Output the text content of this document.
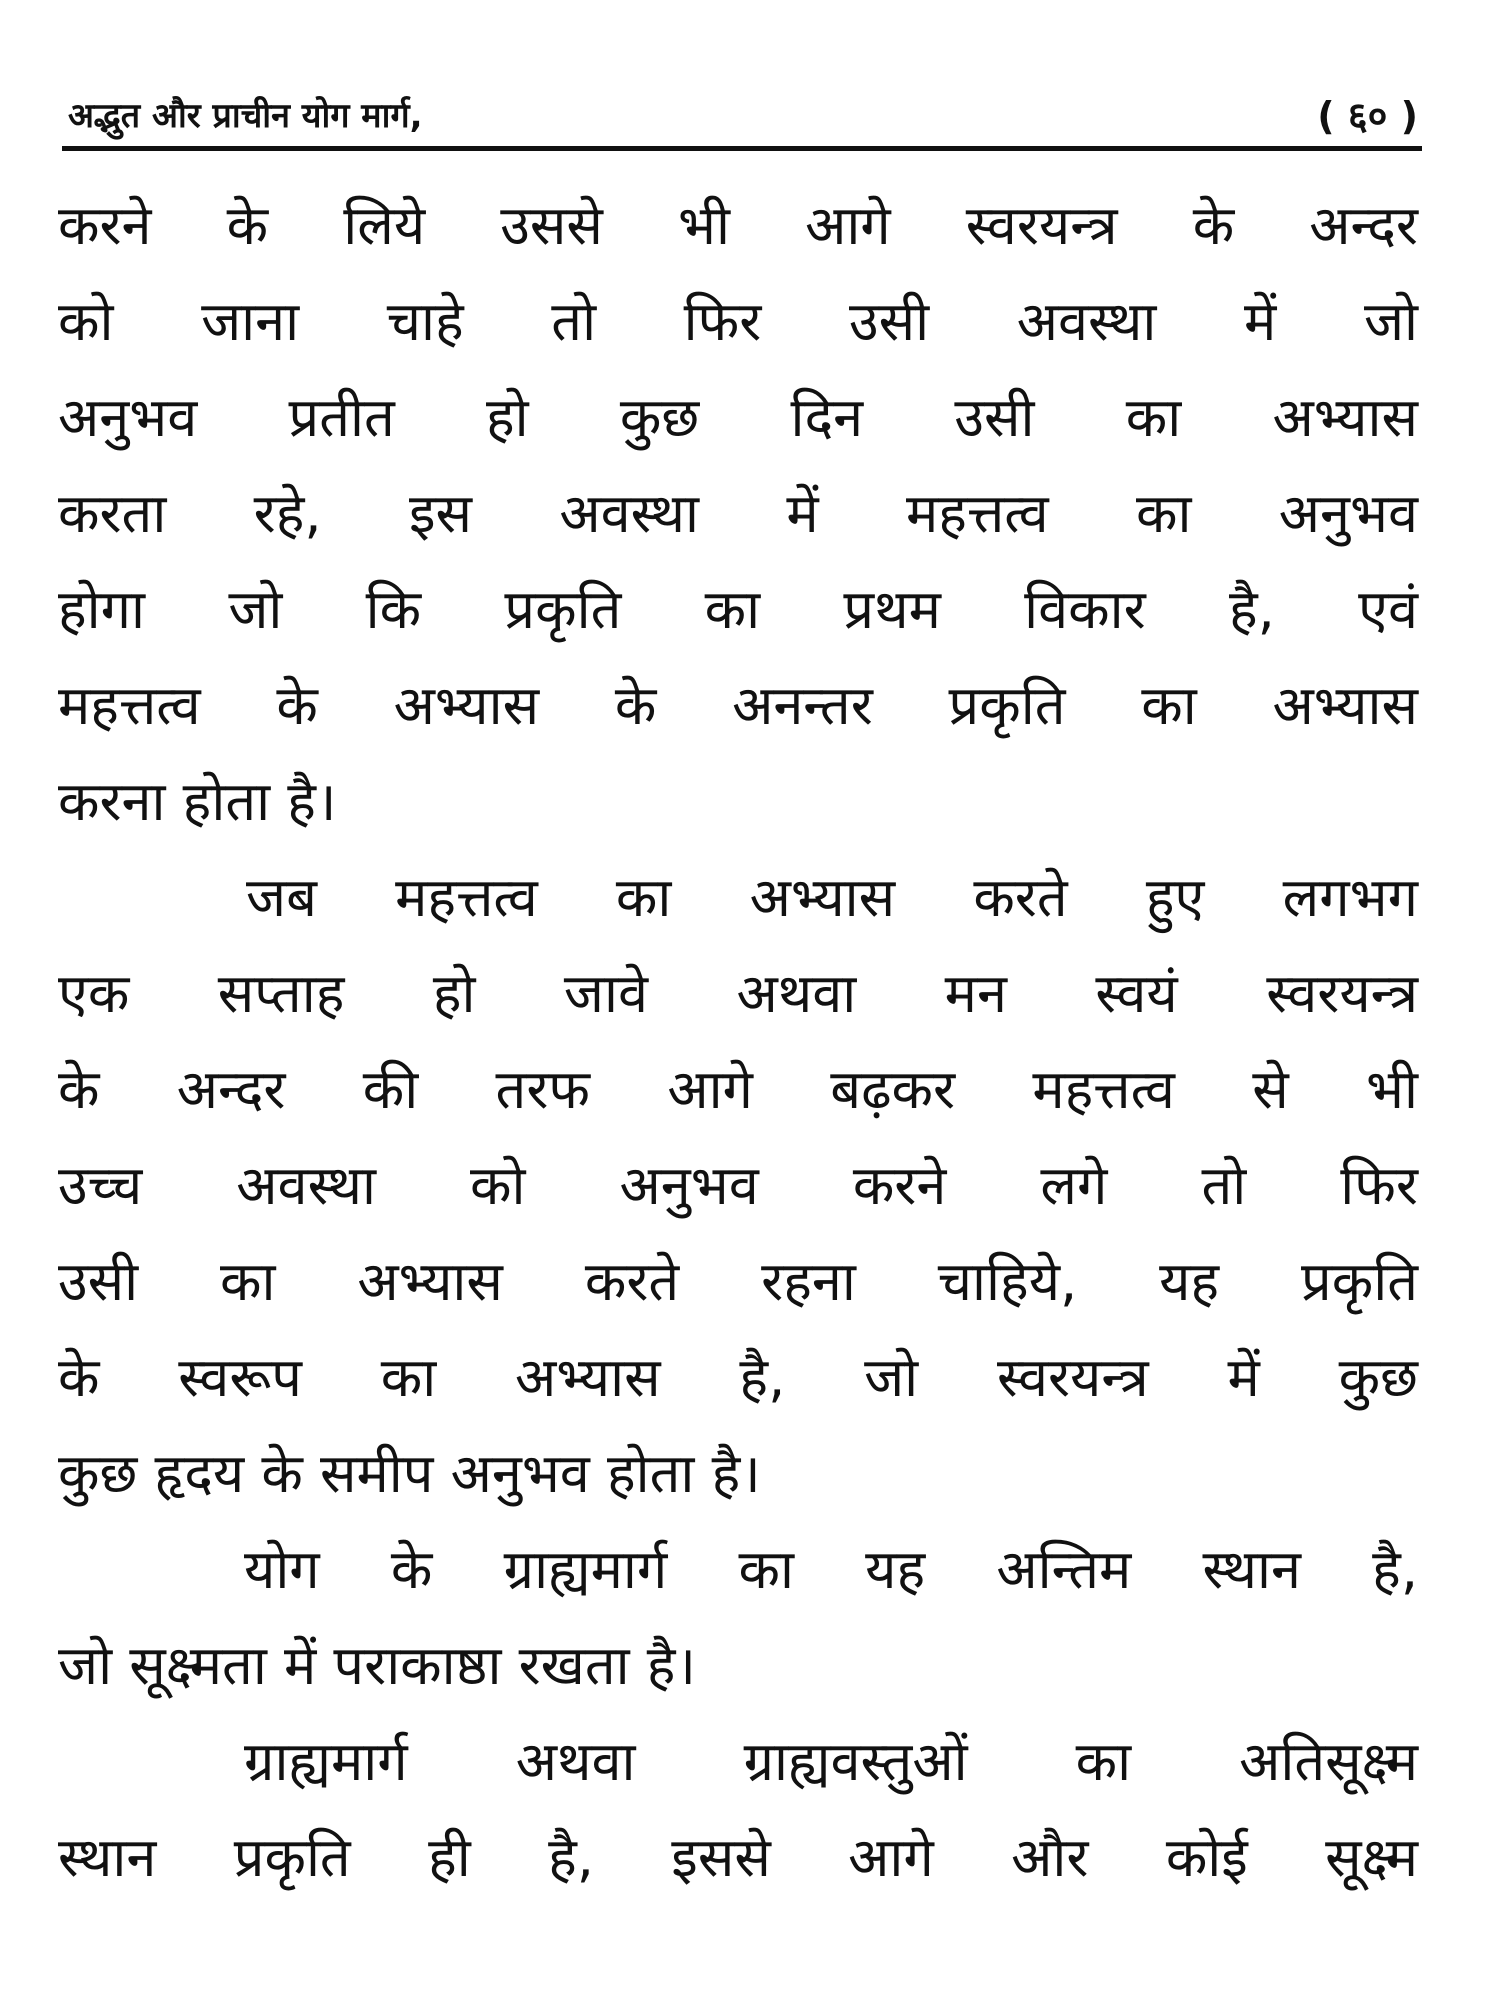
अद्भुत और प्राचीन योग मार्ग,	( ६० )
करने के लिये उससे भी आगे स्वरयन्त्र के अन्दर
को जाना चाहे तो फिर उसी अवस्था में जो
अनुभव प्रतीत हो कुछ दिन उसी का अभ्यास
करता रहे, इस अवस्था में महत्तत्व का अनुभव
होगा जो कि प्रकृति का प्रथम विकार है, एवं
महत्तत्व के अभ्यास के अनन्तर प्रकृति का अभ्यास
करना होता है।
जब महत्तत्व का अभ्यास करते हुए लगभग
एक सप्ताह हो जावे अथवा मन स्वयं स्वरयन्त्र
के अन्दर की तरफ आगे बढ़कर महत्तत्व से भी
उच्च अवस्था को अनुभव करने लगे तो फिर
उसी का अभ्यास करते रहना चाहिये, यह प्रकृति
के स्वरूप का अभ्यास है, जो स्वरयन्त्र में कुछ
कुछ हृदय के समीप अनुभव होता है।
योग के ग्राह्यमार्ग का यह अन्तिम स्थान है,
जो सूक्ष्मता में पराकाष्ठा रखता है।
ग्राह्यमार्ग अथवा ग्राह्यवस्तुओं का अतिसूक्ष्म
स्थान प्रकृति ही है, इससे आगे और कोई सूक्ष्म
